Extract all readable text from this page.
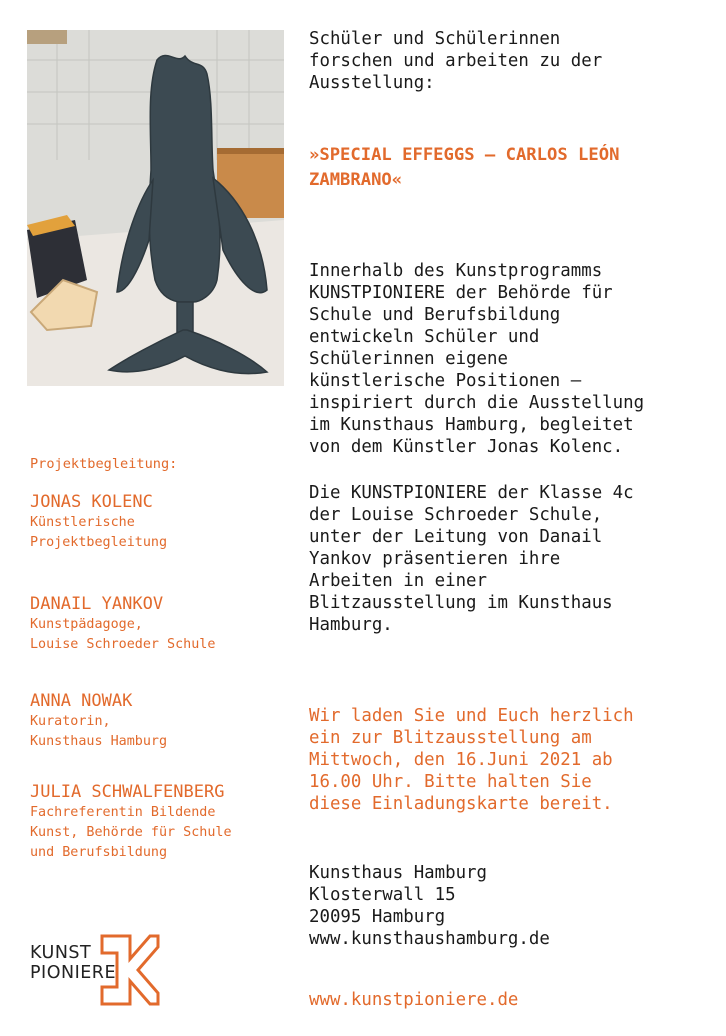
Schüler und Schülerinnen
forschen und arbeiten zu der
Ausstellung:
»SPECIAL EFFEGGS – CARLOS LEÓN ZAMBRANO«
Innerhalb des Kunstprogramms
KUNSTPIONIERE der Behörde für
Schule und Berufsbildung
entwickeln Schüler und
Schülerinnen eigene
künstlerische Positionen –
inspiriert durch die Ausstellung
im Kunsthaus Hamburg, begleitet
von dem Künstler Jonas Kolenc.
Die KUNSTPIONIERE der Klasse 4c
der Louise Schroeder Schule,
unter der Leitung von Danail
Yankov präsentieren ihre
Arbeiten in einer
Blitzausstellung im Kunsthaus
Hamburg.
Wir laden Sie und Euch herzlich
ein zur Blitzausstellung am
Mittwoch, den 16.Juni 2021 ab
16.00 Uhr. Bitte halten Sie
diese Einladungskarte bereit.
Kunsthaus Hamburg
Klosterwall 15
20095 Hamburg
www.kunsthaushamburg.de
www.kunstpioniere.de
Projektbegleitung:
JONAS KOLENC
Künstlerische
Projektbegleitung
DANAIL YANKOV
Kunstpädagoge,
Louise Schroeder Schule
ANNA NOWAK
Kuratorin,
Kunsthaus Hamburg
JULIA SCHWALFENBERG
Fachreferentin Bildende
Kunst, Behörde für Schule
und Berufsbildung
KUNST
PIONIERE
